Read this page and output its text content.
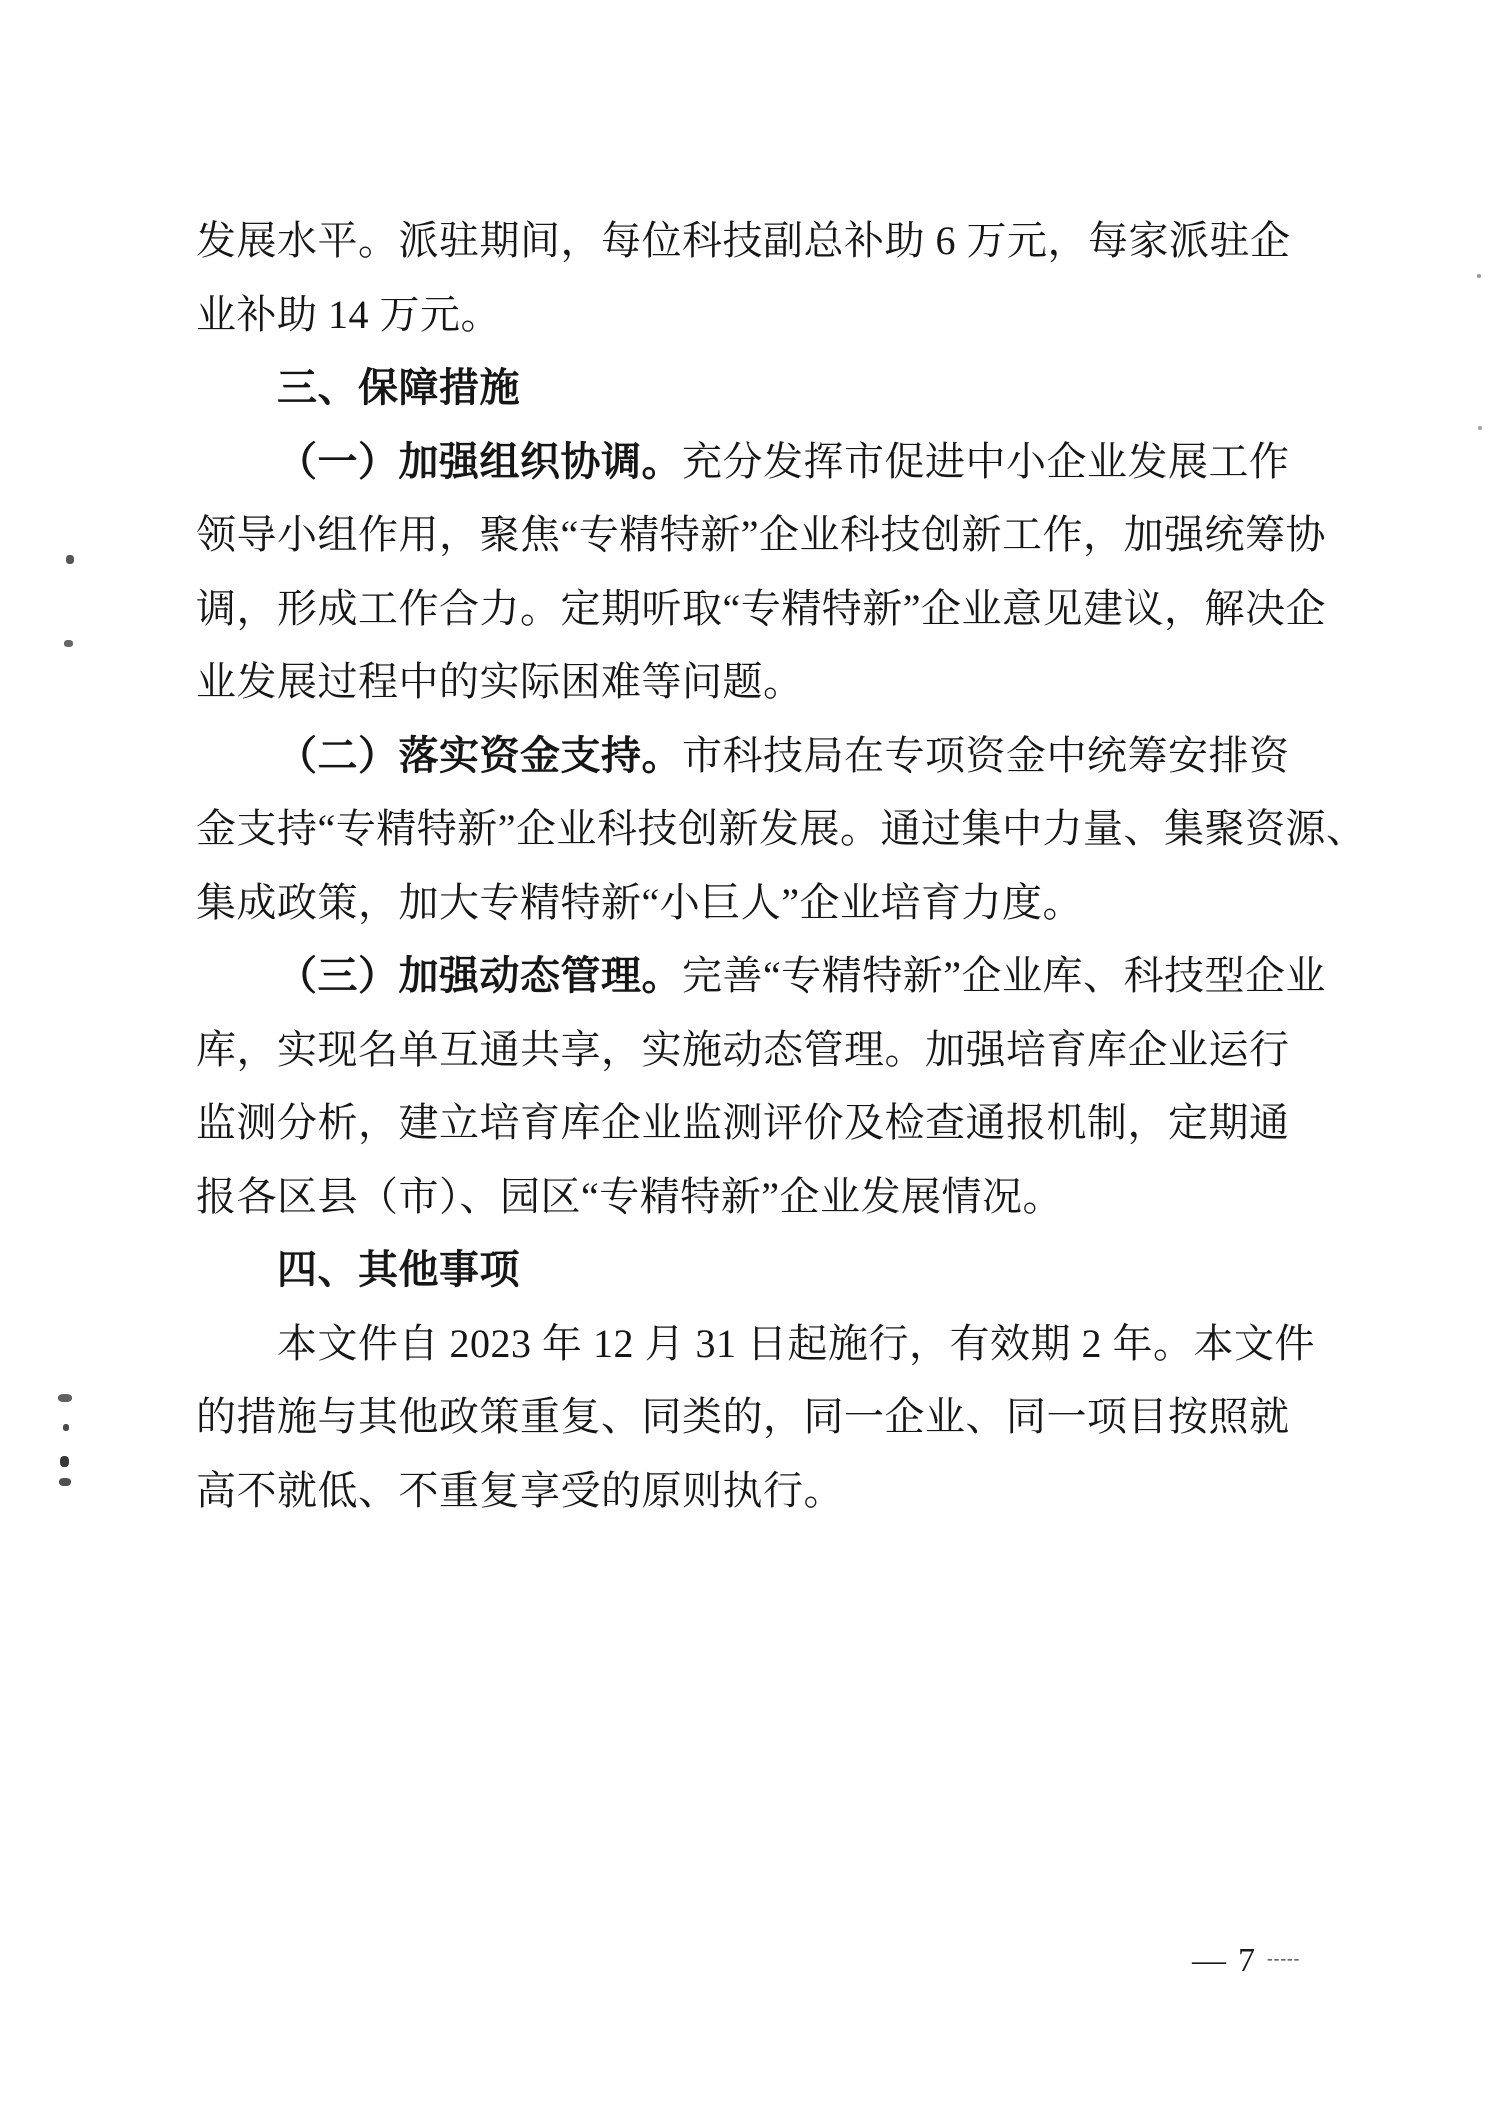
发展水平。派驻期间，每位科技副总补助 6 万元，每家派驻企
业补助 14 万元。
三、保障措施
（一）加强组织协调。充分发挥市促进中小企业发展工作
领导小组作用，聚焦“专精特新”企业科技创新工作，加强统筹协
调，形成工作合力。定期听取“专精特新”企业意见建议，解决企
业发展过程中的实际困难等问题。
（二）落实资金支持。市科技局在专项资金中统筹安排资
金支持“专精特新”企业科技创新发展。通过集中力量、集聚资源、
集成政策，加大专精特新“小巨人”企业培育力度。
（三）加强动态管理。完善“专精特新”企业库、科技型企业
库，实现名单互通共享，实施动态管理。加强培育库企业运行
监测分析，建立培育库企业监测评价及检查通报机制，定期通
报各区县（市）、园区“专精特新”企业发展情况。
四、其他事项
本文件自 2023 年 12 月 31 日起施行，有效期 2 年。本文件
的措施与其他政策重复、同类的，同一企业、同一项目按照就
高不就低、不重复享受的原则执行。
— 7 -----
